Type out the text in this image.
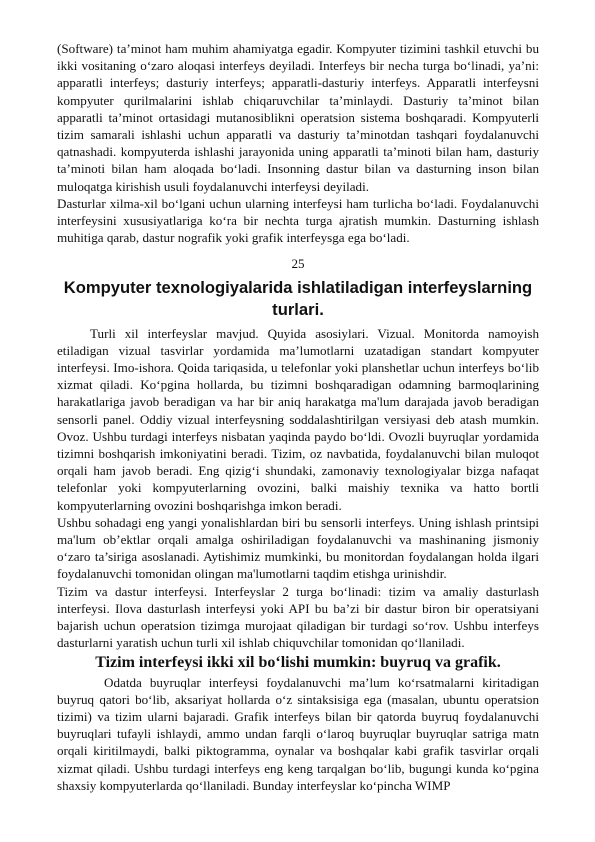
(Software) ta’minot ham muhim ahamiyatga egadir. Kompyuter tizimini tashkil etuvchi bu ikki vositaning o‘zaro aloqasi interfeys deyiladi. Interfeys bir necha turga bo‘linadi, ya’ni: apparatli interfeys; dasturiy interfeys; apparatli-dasturiy interfeys. Apparatli interfeysni kompyuter qurilmalarini ishlab chiqaruvchilar ta’minlaydi. Dasturiy ta’minot bilan apparatli ta’minot ortasidagi mutanosiblikni operatsion sistema boshqaradi. Kompyuterli tizim samarali ishlashi uchun apparatli va dasturiy ta’minotdan tashqari foydalanuvchi qatnashadi. kompyuterda ishlashi jarayonida uning apparatli ta’minoti bilan ham, dasturiy ta’minoti bilan ham aloqada bo‘ladi. Insonning dastur bilan va dasturning inson bilan muloqatga kirishish usuli foydalanuvchi interfeysi deyiladi.

Dasturlar xilma-xil bo‘lgani uchun ularning interfeysi ham turlicha bo‘ladi. Foydalanuvchi interfeysini xususiyatlariga ko‘ra bir nechta turga ajratish mumkin. Dasturning ishlash muhitiga qarab, dastur nografik yoki grafik interfeysga ega bo‘ladi.

25

Kompyuter texnologiyalarida ishlatiladigan interfeyslarning turlari.

Turli xil interfeyslar mavjud. Quyida asosiylari. Vizual. Monitorda namoyish etiladigan vizual tasvirlar yordamida ma’lumotlarni uzatadigan standart kompyuter interfeysi. Imo-ishora. Qoida tariqasida, u telefonlar yoki planshetlar uchun interfeys bo‘lib xizmat qiladi. Ko‘pgina hollarda, bu tizimni boshqaradigan odamning barmoqlarining harakatlariga javob beradigan va har bir aniq harakatga ma'lum darajada javob beradigan sensorli panel. Oddiy vizual interfeysning soddalashtirilgan versiyasi deb atash mumkin. Ovoz. Ushbu turdagi interfeys nisbatan yaqinda paydo bo‘ldi. Ovozli buyruqlar yordamida tizimni boshqarish imkoniyatini beradi. Tizim, oz navbatida, foydalanuvchi bilan muloqot orqali ham javob beradi. Eng qizig‘i shundaki, zamonaviy texnologiyalar bizga nafaqat telefonlar yoki kompyuterlarning ovozini, balki maishiy texnika va hatto bortli kompyuterlarning ovozini boshqarishga imkon beradi.

Ushbu sohadagi eng yangi yonalishlardan biri bu sensorli interfeys. Uning ishlash printsipi ma'lum ob’ektlar orqali amalga oshiriladigan foydalanuvchi va mashinaning jismoniy o‘zaro ta’siriga asoslanadi. Aytishimiz mumkinki, bu monitordan foydalangan holda ilgari foydalanuvchi tomonidan olingan ma'lumotlarni taqdim etishga urinishdir.

Tizim va dastur interfeysi. Interfeyslar 2 turga bo‘linadi: tizim va amaliy dasturlash interfeysi. Ilova dasturlash interfeysi yoki API bu ba’zi bir dastur biron bir operatsiyani bajarish uchun operatsion tizimga murojaat qiladigan bir turdagi so‘rov. Ushbu interfeys dasturlarni yaratish uchun turli xil ishlab chiquvchilar tomonidan qo‘llaniladi.

Tizim interfeysi ikki xil bo‘lishi mumkin: buyruq va grafik.

Odatda buyruqlar interfeysi foydalanuvchi ma’lum ko‘rsatmalarni kiritadigan buyruq qatori bo‘lib, aksariyat hollarda o‘z sintaksisiga ega (masalan, ubuntu operatsion tizimi) va tizim ularni bajaradi. Grafik interfeys bilan bir qatorda buyruq foydalanuvchi buyruqlari tufayli ishlaydi, ammo undan farqli o‘laroq buyruqlar buyruqlar satriga matn orqali kiritilmaydi, balki piktogramma, oynalar va boshqalar kabi grafik tasvirlar orqali xizmat qiladi. Ushbu turdagi interfeys eng keng tarqalgan bo‘lib, bugungi kunda ko‘pgina shaxsiy kompyuterlarda qo‘llaniladi. Bunday interfeyslar ko‘pincha WIMP
